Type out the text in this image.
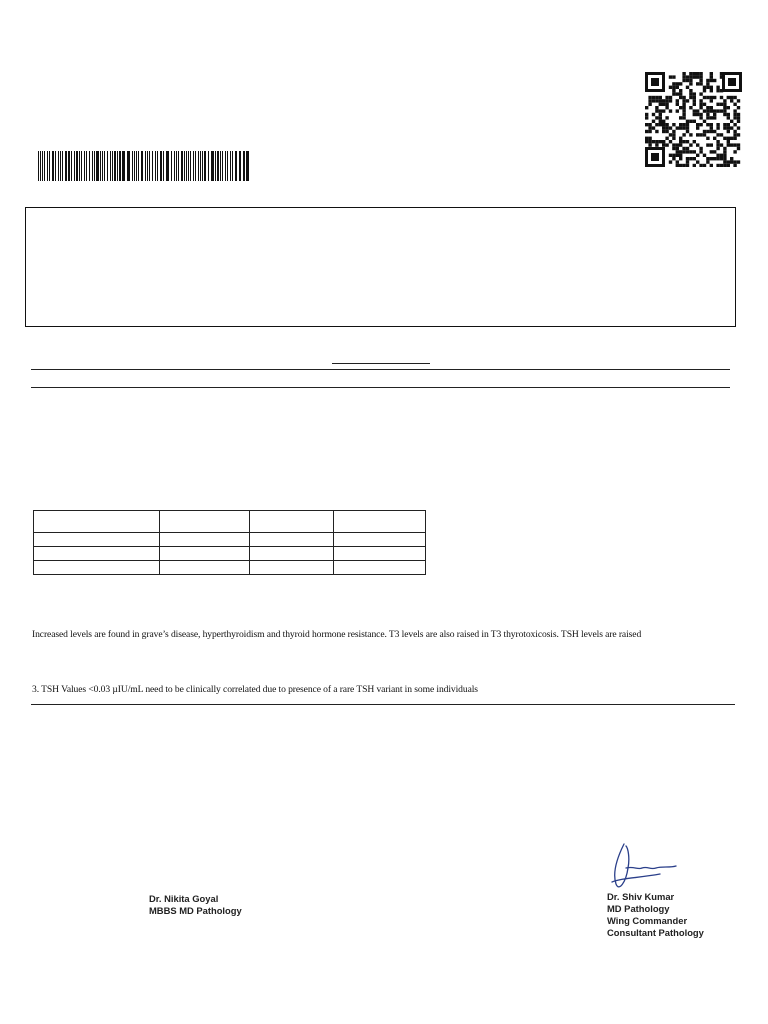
Increased levels are found in grave’s disease, hyperthyroidism and thyroid hormone resistance. T3 levels are also raised in T3 thyrotoxicosis. TSH levels are raised
3. TSH Values <0.03 µIU/mL need to be clinically correlated due to presence of a rare TSH variant in some individuals
Dr. Nikita Goyal
MBBS MD Pathology
Dr. Shiv Kumar
MD Pathology
Wing Commander
Consultant Pathology
